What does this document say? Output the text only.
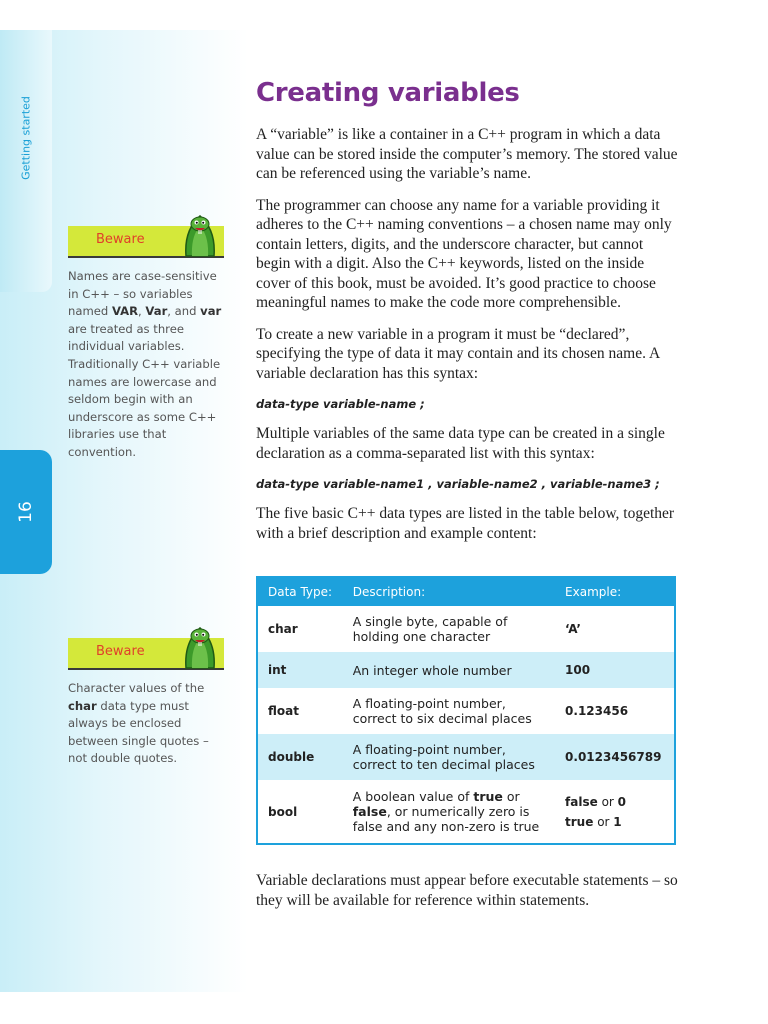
Getting started
16
Beware
Names are case-sensitive in C++ – so variables named VAR, Var, and var are treated as three individual variables. Traditionally C++ variable names are lowercase and seldom begin with an underscore as some C++ libraries use that convention.
Beware
Character values of the char data type must always be enclosed between single quotes – not double quotes.
Creating variables

A “variable” is like a container in a C++ program in which a data value can be stored inside the computer’s memory. The stored value can be referenced using the variable’s name.

The programmer can choose any name for a variable providing it adheres to the C++ naming conventions – a chosen name may only contain letters, digits, and the underscore character, but cannot begin with a digit. Also the C++ keywords, listed on the inside cover of this book, must be avoided. It’s good practice to choose meaningful names to make the code more comprehensible.

To create a new variable in a program it must be “declared”, specifying the type of data it may contain and its chosen name. A variable declaration has this syntax:

data-type variable-name ;

Multiple variables of the same data type can be created in a single declaration as a comma-separated list with this syntax:

data-type variable-name1 , variable-name2 , variable-name3 ;

The five basic C++ data types are listed in the table below, together with a brief description and example content:

Data Type:	Description:	Example:
char	A single byte, capable of holding one character	‘A’
int	An integer whole number	100
float	A floating-point number, correct to six decimal places	0.123456
double	A floating-point number, correct to ten decimal places	0.0123456789
bool	A boolean value of true or false, or numerically zero is false and any non-zero is true	false or 0
true or 1

Variable declarations must appear before executable statements – so they will be available for reference within statements.
